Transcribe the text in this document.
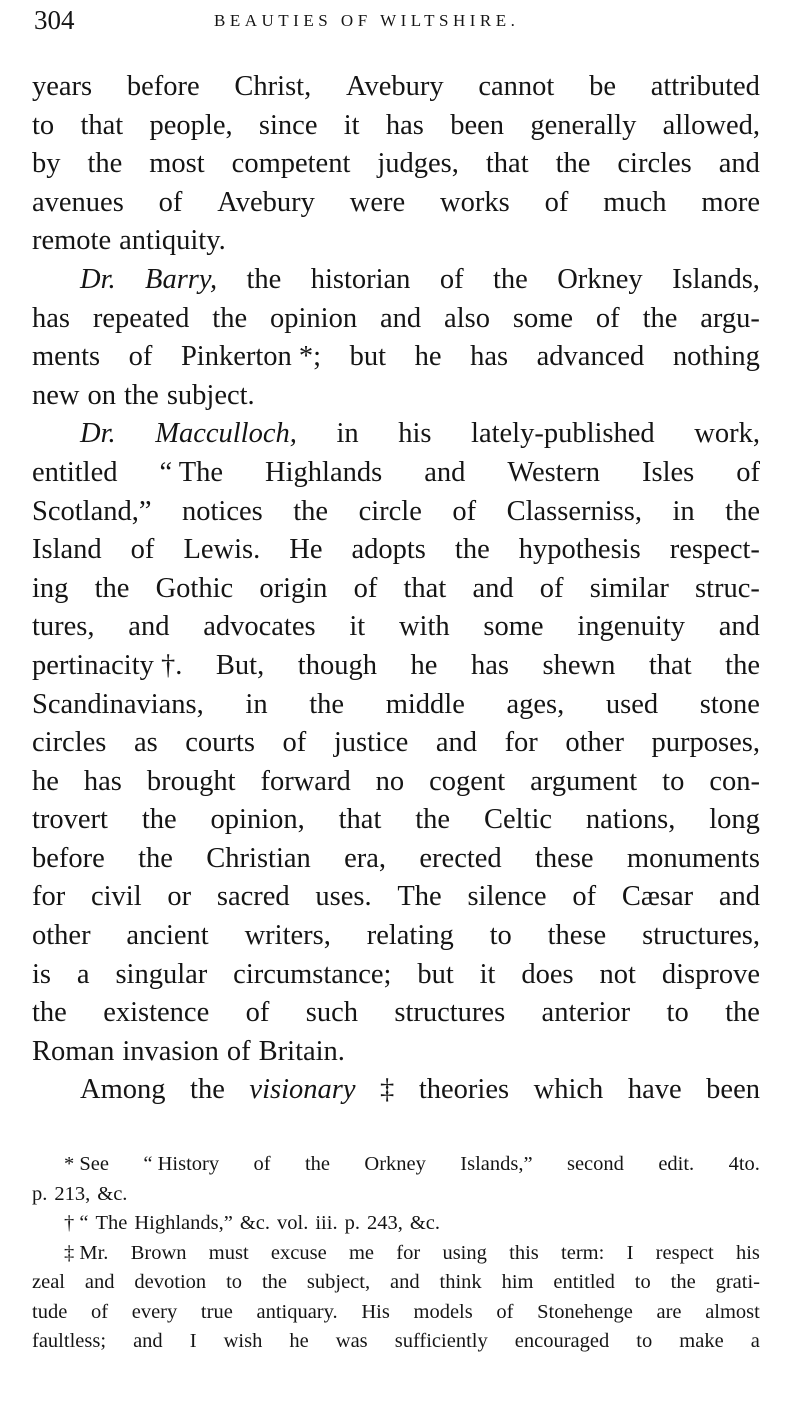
304	BEAUTIES OF WILTSHIRE.
years before Christ, Avebury cannot be attributed
to that people, since it has been generally allowed,
by the most competent judges, that the circles and
avenues of Avebury were works of much more
remote antiquity.
Dr. Barry, the historian of the Orkney Islands,
has repeated the opinion and also some of the argu-
ments of Pinkerton *; but he has advanced nothing
new on the subject.
Dr. Macculloch, in his lately-published work,
entitled “ The Highlands and Western Isles of
Scotland,” notices the circle of Classerniss, in the
Island of Lewis. He adopts the hypothesis respect-
ing the Gothic origin of that and of similar struc-
tures, and advocates it with some ingenuity and
pertinacity †. But, though he has shewn that the
Scandinavians, in the middle ages, used stone
circles as courts of justice and for other purposes,
he has brought forward no cogent argument to con-
trovert the opinion, that the Celtic nations, long
before the Christian era, erected these monuments
for civil or sacred uses. The silence of Cæsar and
other ancient writers, relating to these structures,
is a singular circumstance; but it does not disprove
the existence of such structures anterior to the
Roman invasion of Britain.
Among the visionary ‡ theories which have been
* See “ History of the Orkney Islands,” second edit. 4to.
p. 213, &c.
† “ The Highlands,” &c. vol. iii. p. 243, &c.
‡ Mr. Brown must excuse me for using this term: I respect his
zeal and devotion to the subject, and think him entitled to the grati-
tude of every true antiquary. His models of Stonehenge are almost
faultless; and I wish he was sufficiently encouraged to make a
